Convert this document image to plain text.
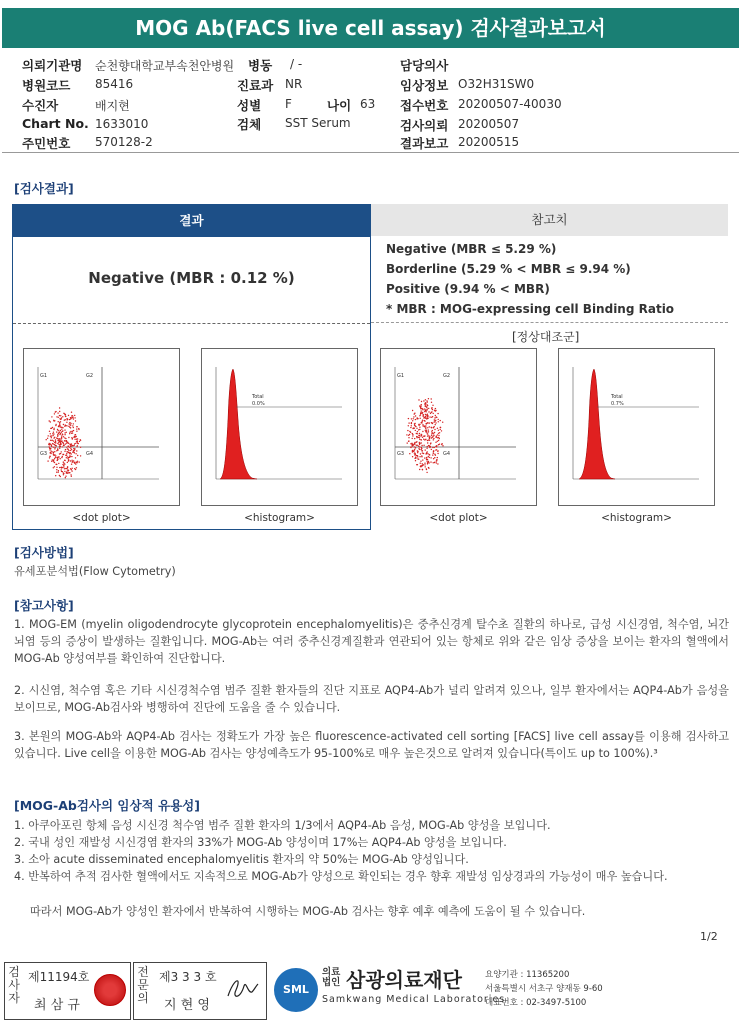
MOG Ab(FACS live cell assay) 검사결과보고서
의뢰기관명 순천향대학교부속천안병원
병원코드 85416
수진자	배지현
Chart No. 1633010
주민번호 570128-2
병동 / -
진료과 NR
성별 F	나이 63
검체 SST Serum
담당의사
임상정보 O32H31SW0
접수번호 20200507-40030
검사의뢰 20200507
결과보고 20200515
[검사결과]
결과
Negative (MBR : 0.12 %)
참고치
Negative (MBR ≤ 5.29 %)
Borderline (5.29 % < MBR ≤ 9.94 %)
Positive (9.94 % < MBR)
* MBR : MOG-expressing cell Binding Ratio
[정상대조군]
G1	G2
G3	G4
<dot plot>
Total
0.0%
<histogram>
G1	G2
G3	G4
<dot plot>
Total
0.7%
<histogram>
[검사방법]
유세포분석법(Flow Cytometry)
[참고사항]
1. MOG-EM (myelin oligodendrocyte glycoprotein encephalomyelitis)은 중추신경계 탈수초 질환의 하나로, 급성 시신경염, 척수염, 뇌간 뇌염 등의 증상이 발생하는 질환입니다. MOG-Ab는 여러 중추신경계질환과 연관되어 있는 항체로 위와 같은 임상 증상을 보이는 환자의 혈액에서 MOG-Ab 양성여부를 확인하여 진단합니다.
2. 시신염, 척수염 혹은 기타 시신경척수염 범주 질환 환자들의 진단 지표로 AQP4-Ab가 널리 알려져 있으나, 일부 환자에서는 AQP4-Ab가 음성을 보이므로, MOG-Ab검사와 병행하여 진단에 도움을 줄 수 있습니다.
3. 본원의 MOG-Ab와 AQP4-Ab 검사는 정확도가 가장 높은 fluorescence-activated cell sorting [FACS] live cell assay를 이용해 검사하고 있습니다. Live cell을 이용한 MOG-Ab 검사는 양성예측도가 95-100%로 매우 높은것으로 알려져 있습니다(특이도 up to 100%).³
[MOG-Ab검사의 임상적 유용성]
1. 아쿠아포린 항체 음성 시신경 척수염 범주 질환 환자의 1/3에서 AQP4-Ab 음성, MOG-Ab 양성을 보입니다.
2. 국내 성인 재발성 시신경염 환자의 33%가 MOG-Ab 양성이며 17%는 AQP4-Ab 양성을 보입니다.
3. 소아 acute disseminated encephalomyelitis 환자의 약 50%는 MOG-Ab 양성입니다.
4. 반복하여 추적 검사한 혈액에서도 지속적으로 MOG-Ab가 양성으로 확인되는 경우 향후 재발성 임상경과의 가능성이 매우 높습니다.
따라서 MOG-Ab가 양성인 환자에서 반복하여 시행하는 MOG-Ab 검사는 향후 예후 예측에 도움이 될 수 있습니다.
1/2
검사자
제11194호
최 삼 규
전문의
제3 3 3 호
지 현 영
SML
의료법인 삼광의료재단
Samkwang Medical Laboratories
요양기관 : 11365200
서울특별시 서초구 양재동 9-60
대표번호 : 02-3497-5100
